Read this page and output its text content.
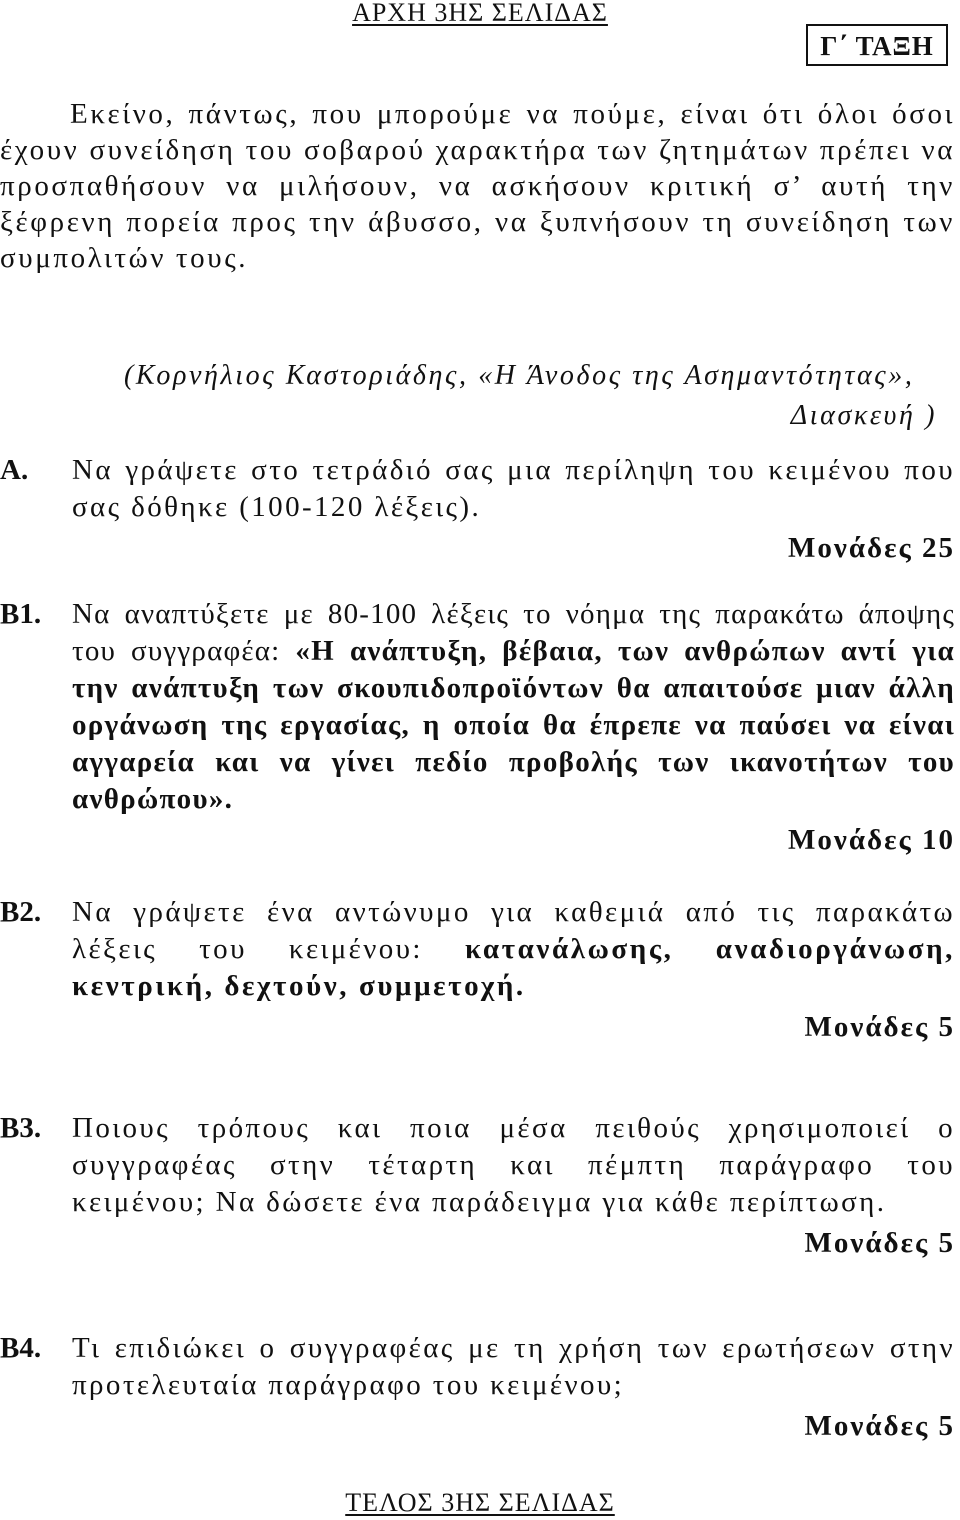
ΑΡΧΗ 3ΗΣ ΣΕΛΙΔΑΣ
Γ΄ ΤΑΞΗ
Εκείνο, πάντως, που μπορούμε να πούμε, είναι ότι όλοι όσοι έχουν συνείδηση του σοβαρού χαρακτήρα των ζητημάτων πρέπει να προσπαθήσουν να μιλήσουν, να ασκήσουν κριτική σ’ αυτή την ξέφρενη πορεία προς την άβυσσο, να ξυπνήσουν τη συνείδηση των συμπολιτών τους.
(Κορνήλιος Καστοριάδης, «Η Άνοδος της Ασημαντότητας»,
Διασκευή )
Α.	Να γράψετε στο τετράδιό σας μια περίληψη του κειμένου που σας δόθηκε (100-120 λέξεις).
Μονάδες 25
Β1.	Να αναπτύξετε με 80-100 λέξεις το νόημα της παρακάτω άποψης του συγγραφέα: «Η ανάπτυξη, βέβαια, των ανθρώπων αντί για την ανάπτυξη των σκουπιδοπροϊόντων θα απαιτούσε μιαν άλλη οργάνωση της εργασίας, η οποία θα έπρεπε να παύσει να είναι αγγαρεία και να γίνει πεδίο προβολής των ικανοτήτων του ανθρώπου».
Μονάδες 10
Β2.	Να γράψετε ένα αντώνυμο για καθεμιά από τις παρακάτω λέξεις του κειμένου: κατανάλωσης, αναδιοργάνωση, κεντρική, δεχτούν, συμμετοχή.
Μονάδες 5
Β3.	Ποιους τρόπους και ποια μέσα πειθούς χρησιμοποιεί ο συγγραφέας στην τέταρτη και πέμπτη παράγραφο του κειμένου; Να δώσετε ένα παράδειγμα για κάθε περίπτωση.
Μονάδες 5
Β4.	Τι επιδιώκει ο συγγραφέας με τη χρήση των ερωτήσεων στην προτελευταία παράγραφο του κειμένου;
Μονάδες 5
ΤΕΛΟΣ 3ΗΣ ΣΕΛΙΔΑΣ
